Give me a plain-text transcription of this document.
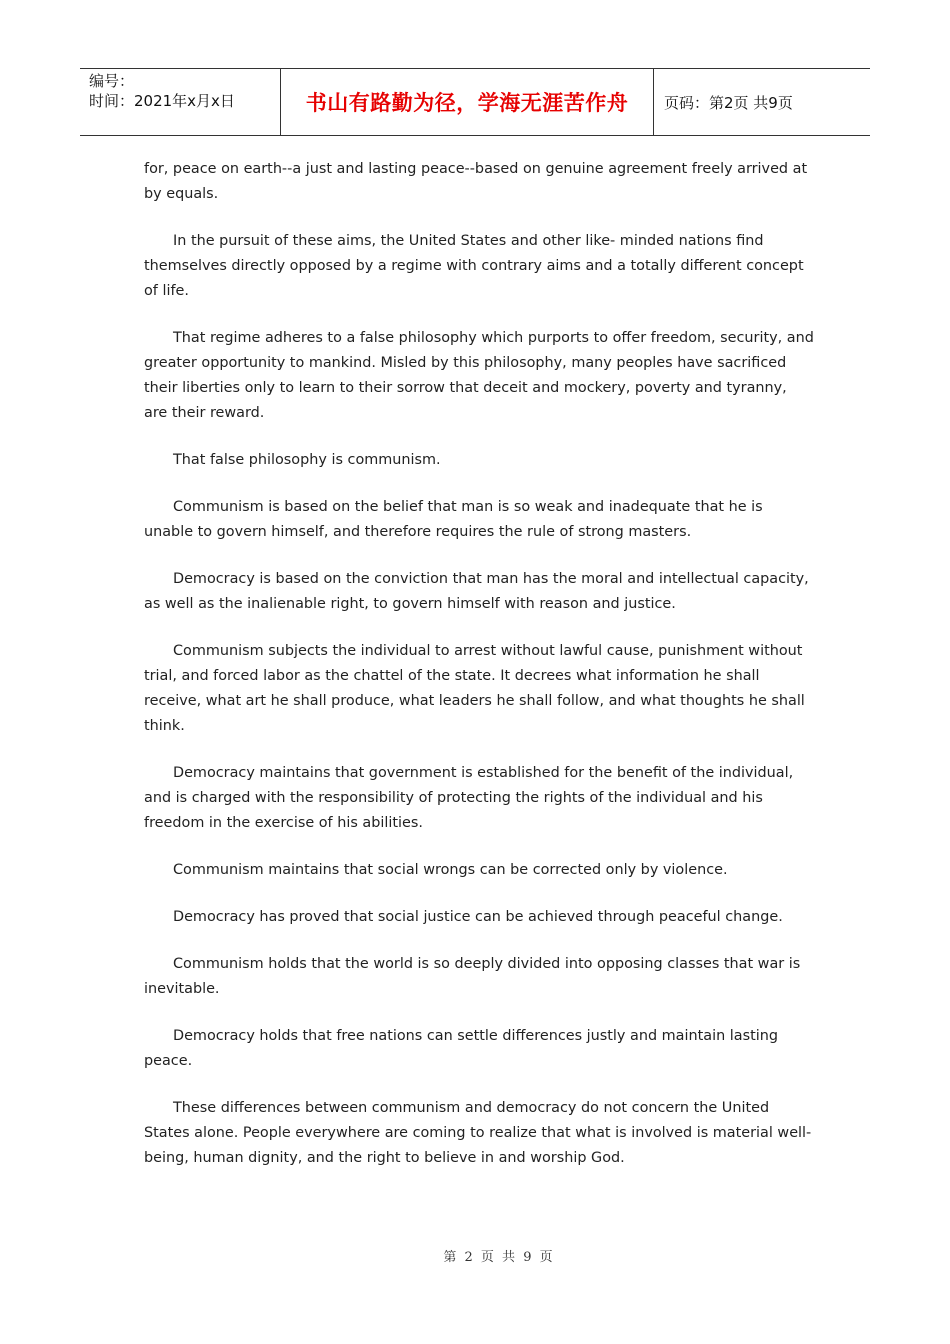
编号：
时间：2021年x月x日	书山有路勤为径，学海无涯苦作舟	页码：第2页 共9页

for, peace on earth--a just and lasting peace--based on genuine agreement freely arrived at by equals.

In the pursuit of these aims, the United States and other like- minded nations find themselves directly opposed by a regime with contrary aims and a totally different concept of life.

That regime adheres to a false philosophy which purports to offer freedom, security, and greater opportunity to mankind. Misled by this philosophy, many peoples have sacrificed their liberties only to learn to their sorrow that deceit and mockery, poverty and tyranny, are their reward.

That false philosophy is communism.

Communism is based on the belief that man is so weak and inadequate that he is unable to govern himself, and therefore requires the rule of strong masters.

Democracy is based on the conviction that man has the moral and intellectual capacity, as well as the inalienable right, to govern himself with reason and justice.

Communism subjects the individual to arrest without lawful cause, punishment without trial, and forced labor as the chattel of the state. It decrees what information he shall receive, what art he shall produce, what leaders he shall follow, and what thoughts he shall think.

Democracy maintains that government is established for the benefit of the individual, and is charged with the responsibility of protecting the rights of the individual and his freedom in the exercise of his abilities.

Communism maintains that social wrongs can be corrected only by violence.

Democracy has proved that social justice can be achieved through peaceful change.

Communism holds that the world is so deeply divided into opposing classes that war is inevitable.

Democracy holds that free nations can settle differences justly and maintain lasting peace.

These differences between communism and democracy do not concern the United States alone. People everywhere are coming to realize that what is involved is material well-being, human dignity, and the right to believe in and worship God.

第 2 页 共 9 页
